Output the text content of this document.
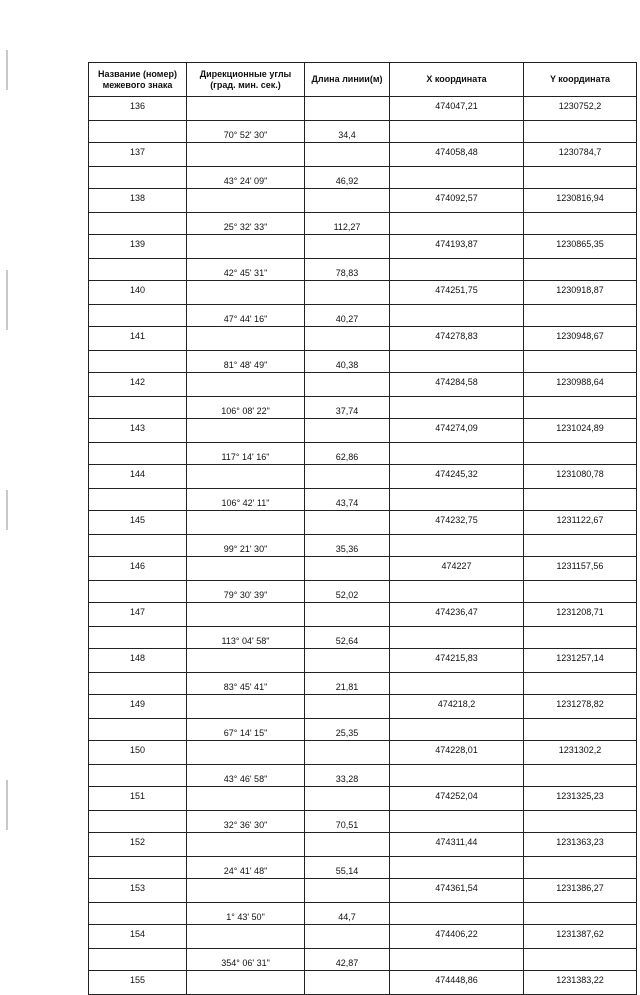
Название (номер) межевого знака	Дирекционные углы (град. мин. сек.)	Длина линии(м)	X координата	Y координата
136			474047,21	1230752,2
	70° 52' 30"	34,4		
137			474058,48	1230784,7
	43° 24' 09"	46,92		
138			474092,57	1230816,94
	25° 32' 33"	112,27		
139			474193,87	1230865,35
	42° 45' 31"	78,83		
140			474251,75	1230918,87
	47° 44' 16"	40,27		
141			474278,83	1230948,67
	81° 48' 49"	40,38		
142			474284,58	1230988,64
	106° 08' 22"	37,74		
143			474274,09	1231024,89
	117° 14' 16"	62,86		
144			474245,32	1231080,78
	106° 42' 11"	43,74		
145			474232,75	1231122,67
	99° 21' 30"	35,36		
146			474227	1231157,56
	79° 30' 39"	52,02		
147			474236,47	1231208,71
	113° 04' 58"	52,64		
148			474215,83	1231257,14
	83° 45' 41"	21,81		
149			474218,2	1231278,82
	67° 14' 15"	25,35		
150			474228,01	1231302,2
	43° 46' 58"	33,28		
151			474252,04	1231325,23
	32° 36' 30"	70,51		
152			474311,44	1231363,23
	24° 41' 48"	55,14		
153			474361,54	1231386,27
	1° 43' 50"	44,7		
154			474406,22	1231387,62
	354° 06' 31"	42,87		
155			474448,86	1231383,22
